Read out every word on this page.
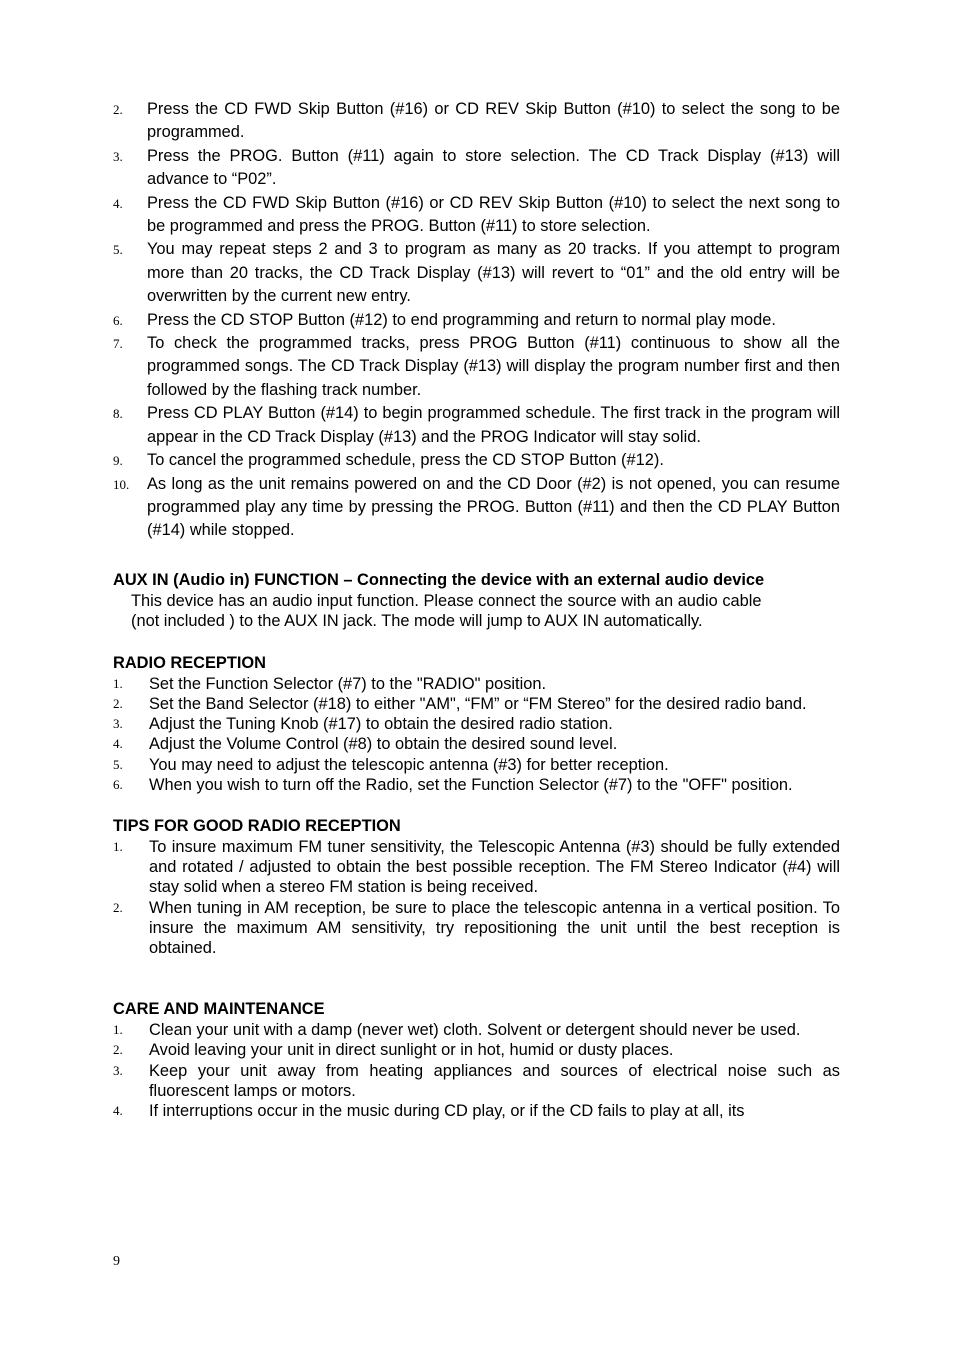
2.	Press the CD FWD Skip Button (#16) or CD REV Skip Button (#10) to select the song to be programmed.
3.	Press the PROG. Button (#11) again to store selection. The CD Track Display (#13) will advance to “P02”.
4.	Press the CD FWD Skip Button (#16) or CD REV Skip Button (#10) to select the next song to be programmed and press the PROG. Button (#11) to store selection.
5.	You may repeat steps 2 and 3 to program as many as 20 tracks. If you attempt to program more than 20 tracks, the CD Track Display (#13) will revert to “01” and the old entry will be overwritten by the current new entry.
6.	Press the CD STOP Button (#12) to end programming and return to normal play mode.
7.	To check the programmed tracks, press PROG Button (#11) continuous to show all the programmed songs. The CD Track Display (#13) will display the program number first and then followed by the flashing track number.
8.	Press CD PLAY Button (#14) to begin programmed schedule. The first track in the program will appear in the CD Track Display (#13) and the PROG Indicator will stay solid.
9.	To cancel the programmed schedule, press the CD STOP Button (#12).
10.	As long as the unit remains powered on and the CD Door (#2) is not opened, you can resume programmed play any time by pressing the PROG. Button (#11) and then the CD PLAY Button (#14) while stopped.
AUX IN (Audio in) FUNCTION – Connecting the device with an external audio device

This device has an audio input function. Please connect the source with an audio cable
(not included ) to the AUX IN jack. The mode will jump to AUX IN automatically.

RADIO RECEPTION
1.	Set the Function Selector (#7) to the "RADIO" position.
2.	Set the Band Selector (#18) to either "AM", “FM” or “FM Stereo” for the desired radio band.
3.	Adjust the Tuning Knob (#17) to obtain the desired radio station.
4.	Adjust the Volume Control (#8) to obtain the desired sound level.
5.	You may need to adjust the telescopic antenna (#3) for better reception.
6.	When you wish to turn off the Radio, set the Function Selector (#7) to the "OFF" position.
TIPS FOR GOOD RADIO RECEPTION
1.	To insure maximum FM tuner sensitivity, the Telescopic Antenna (#3) should be fully extended and rotated / adjusted to obtain the best possible reception. The FM Stereo Indicator (#4) will stay solid when a stereo FM station is being received.
2.	When tuning in AM reception, be sure to place the telescopic antenna in a vertical position. To insure the maximum AM sensitivity, try repositioning the unit until the best reception is obtained.
CARE AND MAINTENANCE
1.	Clean your unit with a damp (never wet) cloth. Solvent or detergent should never be used.
2.	Avoid leaving your unit in direct sunlight or in hot, humid or dusty places.
3.	Keep your unit away from heating appliances and sources of electrical noise such as fluorescent lamps or motors.
4.	If interruptions occur in the music during CD play, or if the CD fails to play at all, its
9
